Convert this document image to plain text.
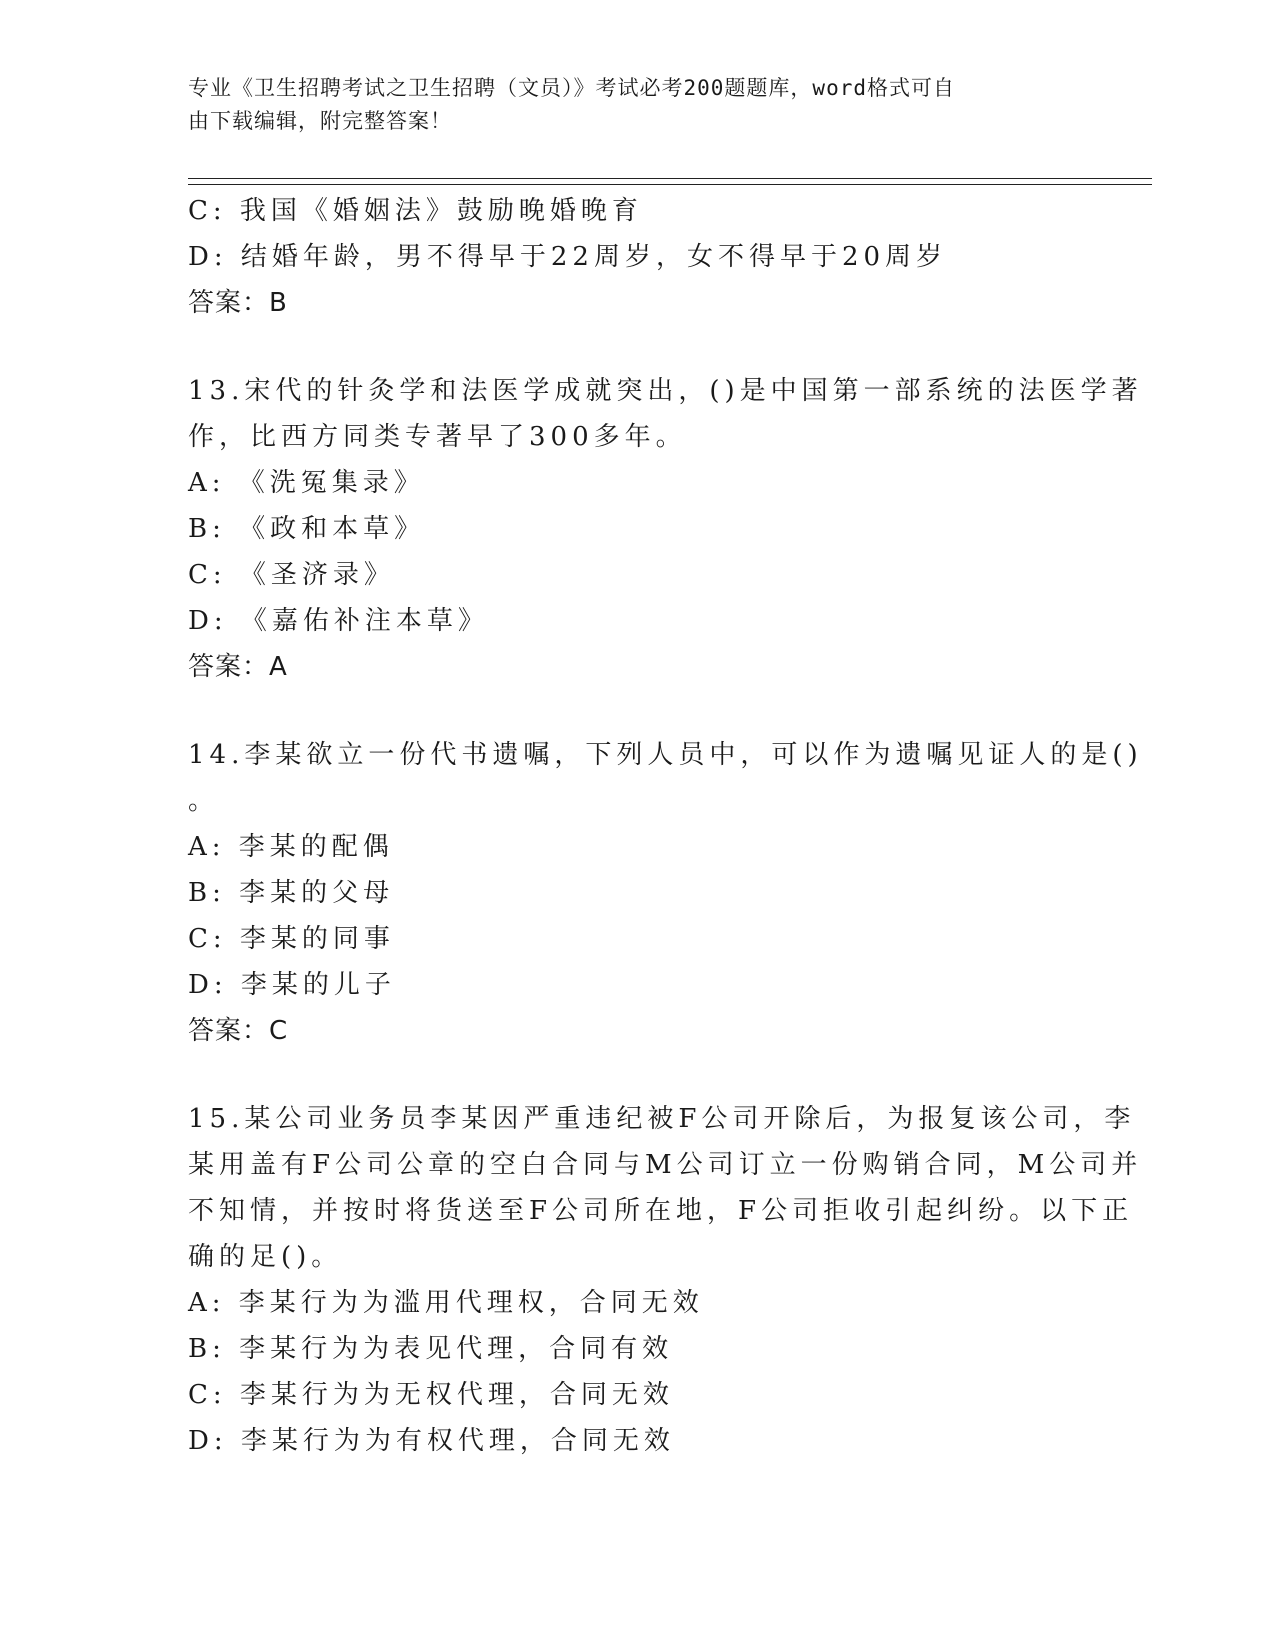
专业《卫生招聘考试之卫生招聘（文员）》考试必考200题题库，word格式可自
由下载编辑，附完整答案！
C: 我国《婚姻法》鼓励晚婚晚育
D: 结婚年龄，男不得早于22周岁，女不得早于20周岁
答案：B
13.宋代的针灸学和法医学成就突出，()是中国第一部系统的法医学著
作，比西方同类专著早了300多年。
A: 《洗冤集录》
B: 《政和本草》
C: 《圣济录》
D: 《嘉佑补注本草》
答案：A
14.李某欲立一份代书遗嘱，下列人员中，可以作为遗嘱见证人的是()
。
A: 李某的配偶
B: 李某的父母
C: 李某的同事
D: 李某的儿子
答案：C
15.某公司业务员李某因严重违纪被F公司开除后，为报复该公司，李
某用盖有F公司公章的空白合同与M公司订立一份购销合同，M公司并
不知情，并按时将货送至F公司所在地，F公司拒收引起纠纷。以下正
确的足()。
A: 李某行为为滥用代理权，合同无效
B: 李某行为为表见代理，合同有效
C: 李某行为为无权代理，合同无效
D: 李某行为为有权代理，合同无效
